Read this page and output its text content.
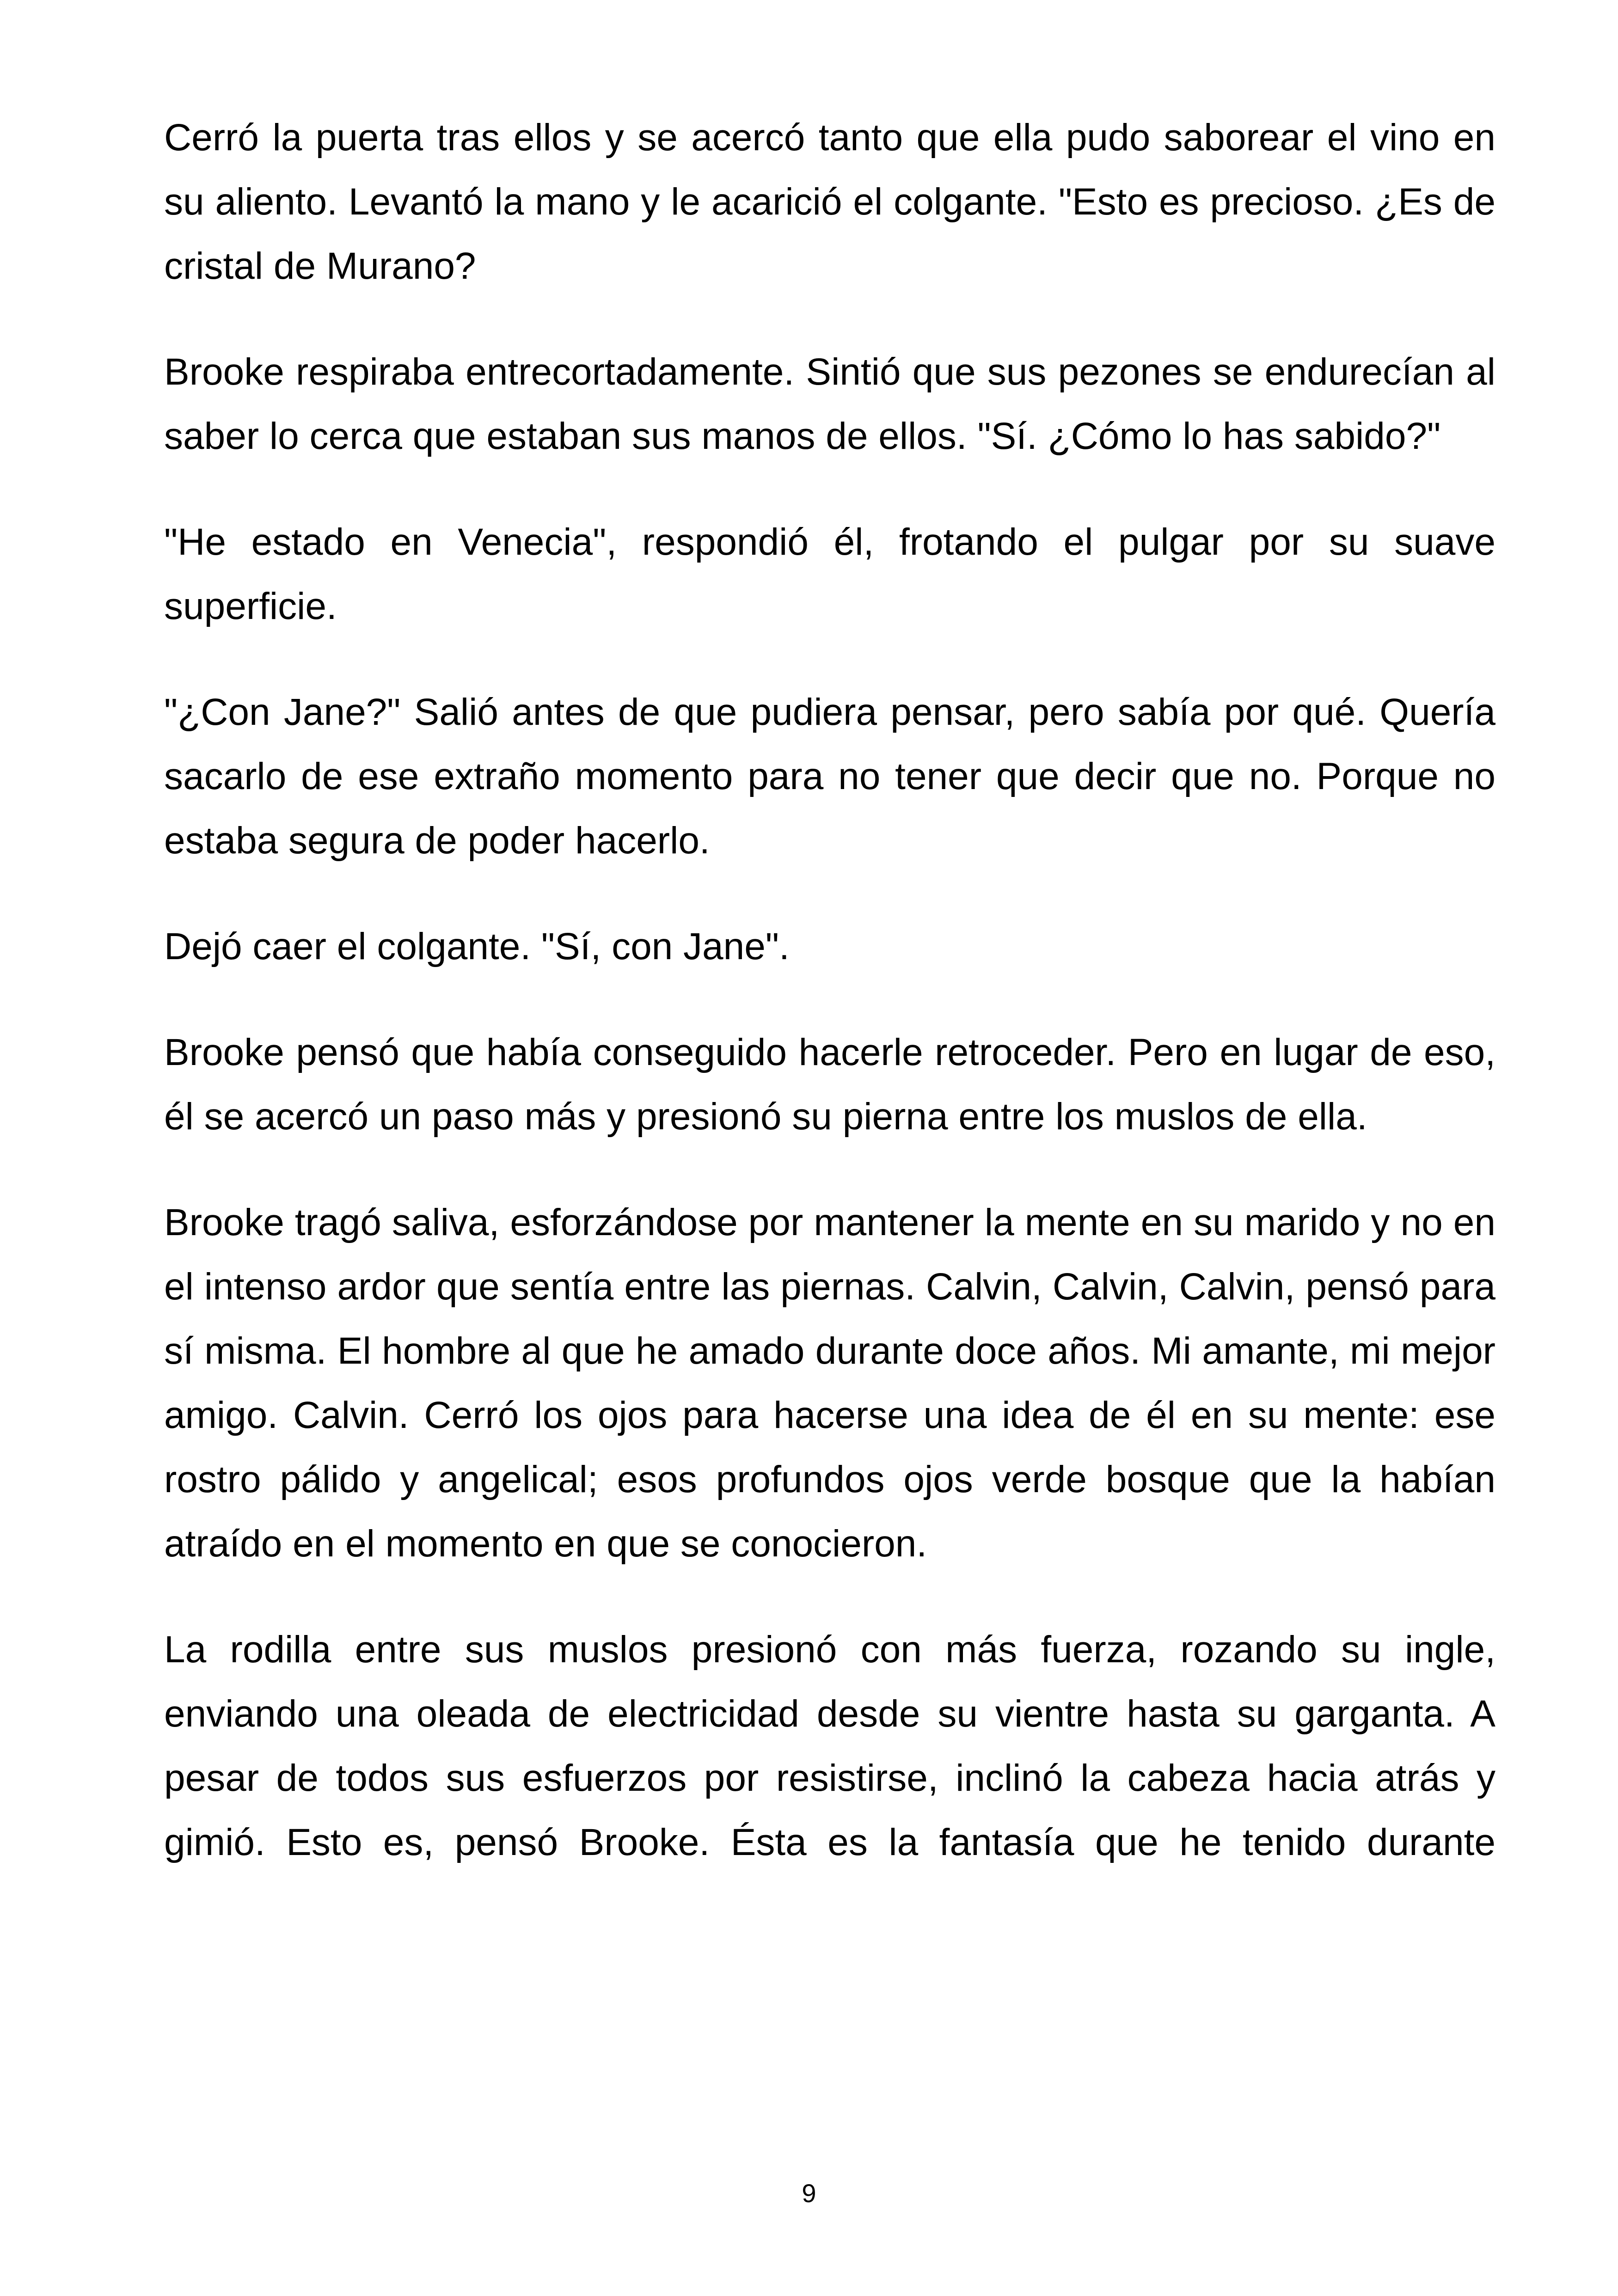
Cerró la puerta tras ellos y se acercó tanto que ella pudo saborear el vino en su aliento. Levantó la mano y le acarició el colgante. "Esto es precioso. ¿Es de cristal de Murano?

Brooke respiraba entrecortadamente. Sintió que sus pezones se endurecían al saber lo cerca que estaban sus manos de ellos. "Sí. ¿Cómo lo has sabido?"

"He estado en Venecia", respondió él, frotando el pulgar por su suave superficie.

"¿Con Jane?" Salió antes de que pudiera pensar, pero sabía por qué. Quería sacarlo de ese extraño momento para no tener que decir que no. Porque no estaba segura de poder hacerlo.

Dejó caer el colgante. "Sí, con Jane".

Brooke pensó que había conseguido hacerle retroceder. Pero en lugar de eso, él se acercó un paso más y presionó su pierna entre los muslos de ella.

Brooke tragó saliva, esforzándose por mantener la mente en su marido y no en el intenso ardor que sentía entre las piernas. Calvin, Calvin, Calvin, pensó para sí misma. El hombre al que he amado durante doce años. Mi amante, mi mejor amigo. Calvin. Cerró los ojos para hacerse una idea de él en su mente: ese rostro pálido y angelical; esos profundos ojos verde bosque que la habían atraído en el momento en que se conocieron.

La rodilla entre sus muslos presionó con más fuerza, rozando su ingle, enviando una oleada de electricidad desde su vientre hasta su garganta. A pesar de todos sus esfuerzos por resistirse, inclinó la cabeza hacia atrás y gimió. Esto es, pensó Brooke. Ésta es la fantasía que he tenido durante

9
